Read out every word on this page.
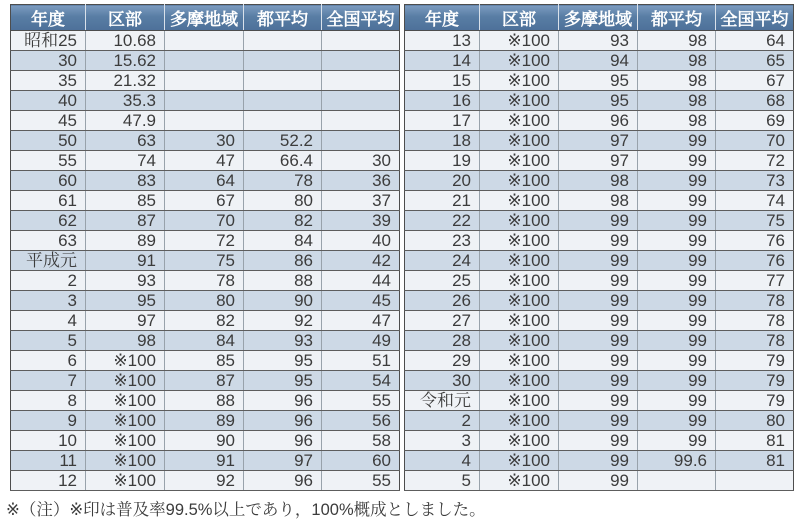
年度	区部	多摩地域	都平均	全国平均
昭和25	10.68			
30	15.62			
35	21.32			
40	35.3			
45	47.9			
50	63	30	52.2	
55	74	47	66.4	30
60	83	64	78	36
61	85	67	80	37
62	87	70	82	39
63	89	72	84	40
平成元	91	75	86	42
2	93	78	88	44
3	95	80	90	45
4	97	82	92	47
5	98	84	93	49
6	※100	85	95	51
7	※100	87	95	54
8	※100	88	96	55
9	※100	89	96	56
10	※100	90	96	58
11	※100	91	97	60
12	※100	92	96	55
年度	区部	多摩地域	都平均	全国平均
13	※100	93	98	64
14	※100	94	98	65
15	※100	95	98	67
16	※100	95	98	68
17	※100	96	98	69
18	※100	97	99	70
19	※100	97	99	72
20	※100	98	99	73
21	※100	98	99	74
22	※100	99	99	75
23	※100	99	99	76
24	※100	99	99	76
25	※100	99	99	77
26	※100	99	99	78
27	※100	99	99	78
28	※100	99	99	78
29	※100	99	99	79
30	※100	99	99	79
令和元	※100	99	99	79
2	※100	99	99	80
3	※100	99	99	81
4	※100	99	99.6	81
5	※100	99		
※（注）※印は普及率99.5%以上であり，100%概成としました。
